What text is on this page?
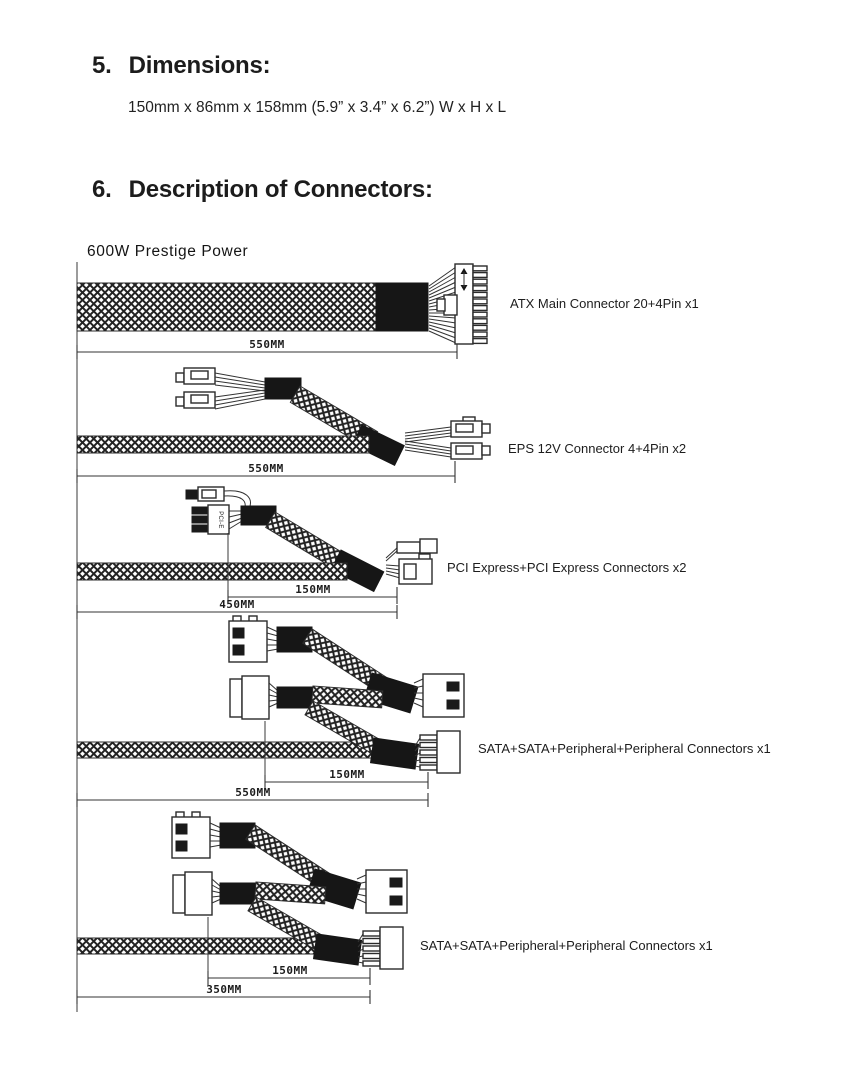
5. Dimensions:
150mm x 86mm x 158mm (5.9” x 3.4” x 6.2”) W x H x L
6. Description of Connectors:
600W Prestige Power
550MM
ATX Main Connector 20+4Pin x1
550MM
EPS 12V Connector 4+4Pin x2
PCI-E
150MM
450MM
PCI Express+PCI Express Connectors x2
150MM
550MM
SATA+SATA+Peripheral+Peripheral Connectors x1
150MM
350MM
SATA+SATA+Peripheral+Peripheral Connectors x1
